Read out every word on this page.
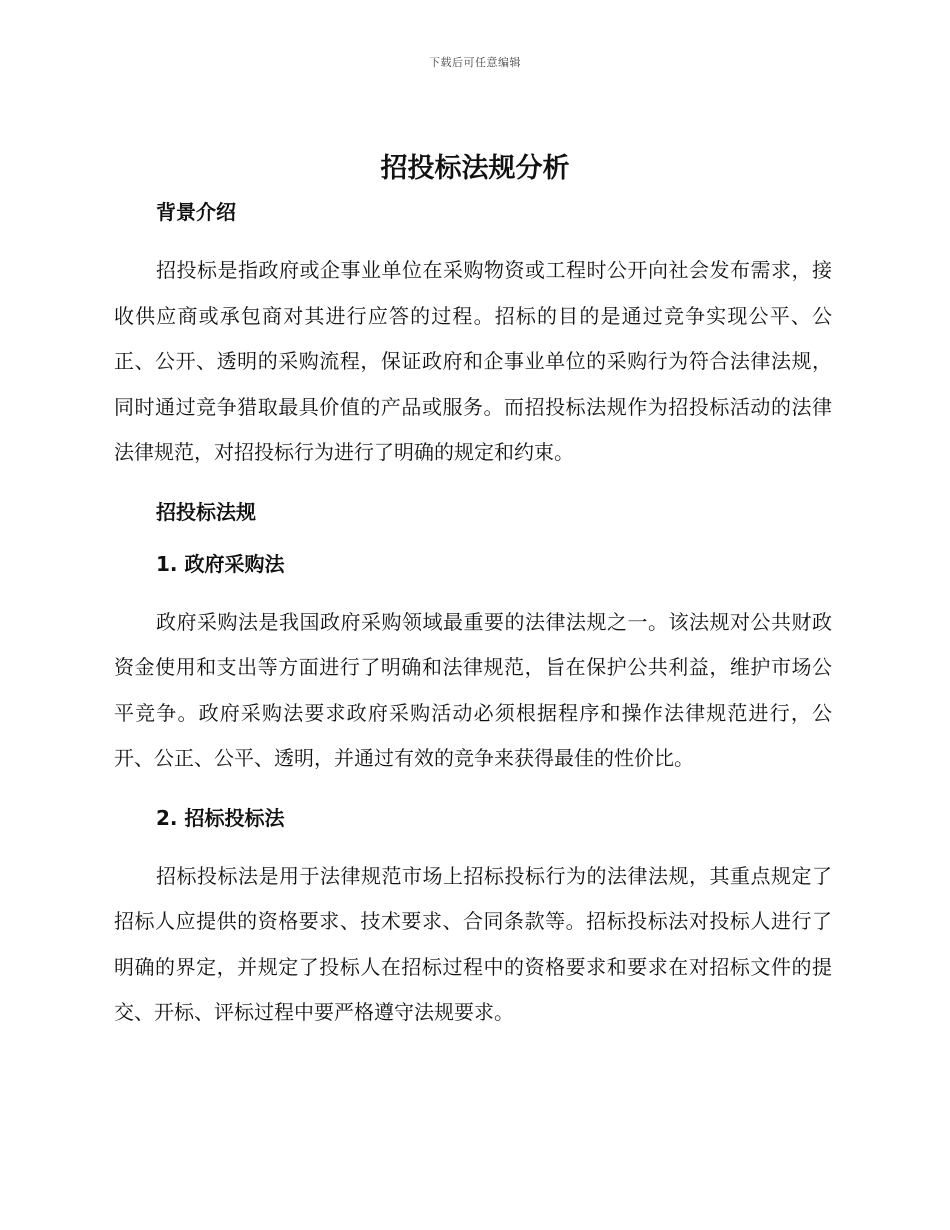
下载后可任意编辑
招投标法规分析
背景介绍

招投标是指政府或企事业单位在采购物资或工程时公开向社会发布需求，接收供应商或承包商对其进行应答的过程。招标的目的是通过竞争实现公平、公正、公开、透明的采购流程，保证政府和企事业单位的采购行为符合法律法规，同时通过竞争猎取最具价值的产品或服务。而招投标法规作为招投标活动的法律法律规范，对招投标行为进行了明确的规定和约束。

招投标法规
1. 政府采购法

政府采购法是我国政府采购领域最重要的法律法规之一。该法规对公共财政资金使用和支出等方面进行了明确和法律规范，旨在保护公共利益，维护市场公平竞争。政府采购法要求政府采购活动必须根据程序和操作法律规范进行，公开、公正、公平、透明，并通过有效的竞争来获得最佳的性价比。

2. 招标投标法

招标投标法是用于法律规范市场上招标投标行为的法律法规，其重点规定了招标人应提供的资格要求、技术要求、合同条款等。招标投标法对投标人进行了明确的界定，并规定了投标人在招标过程中的资格要求和要求在对招标文件的提交、开标、评标过程中要严格遵守法规要求。
